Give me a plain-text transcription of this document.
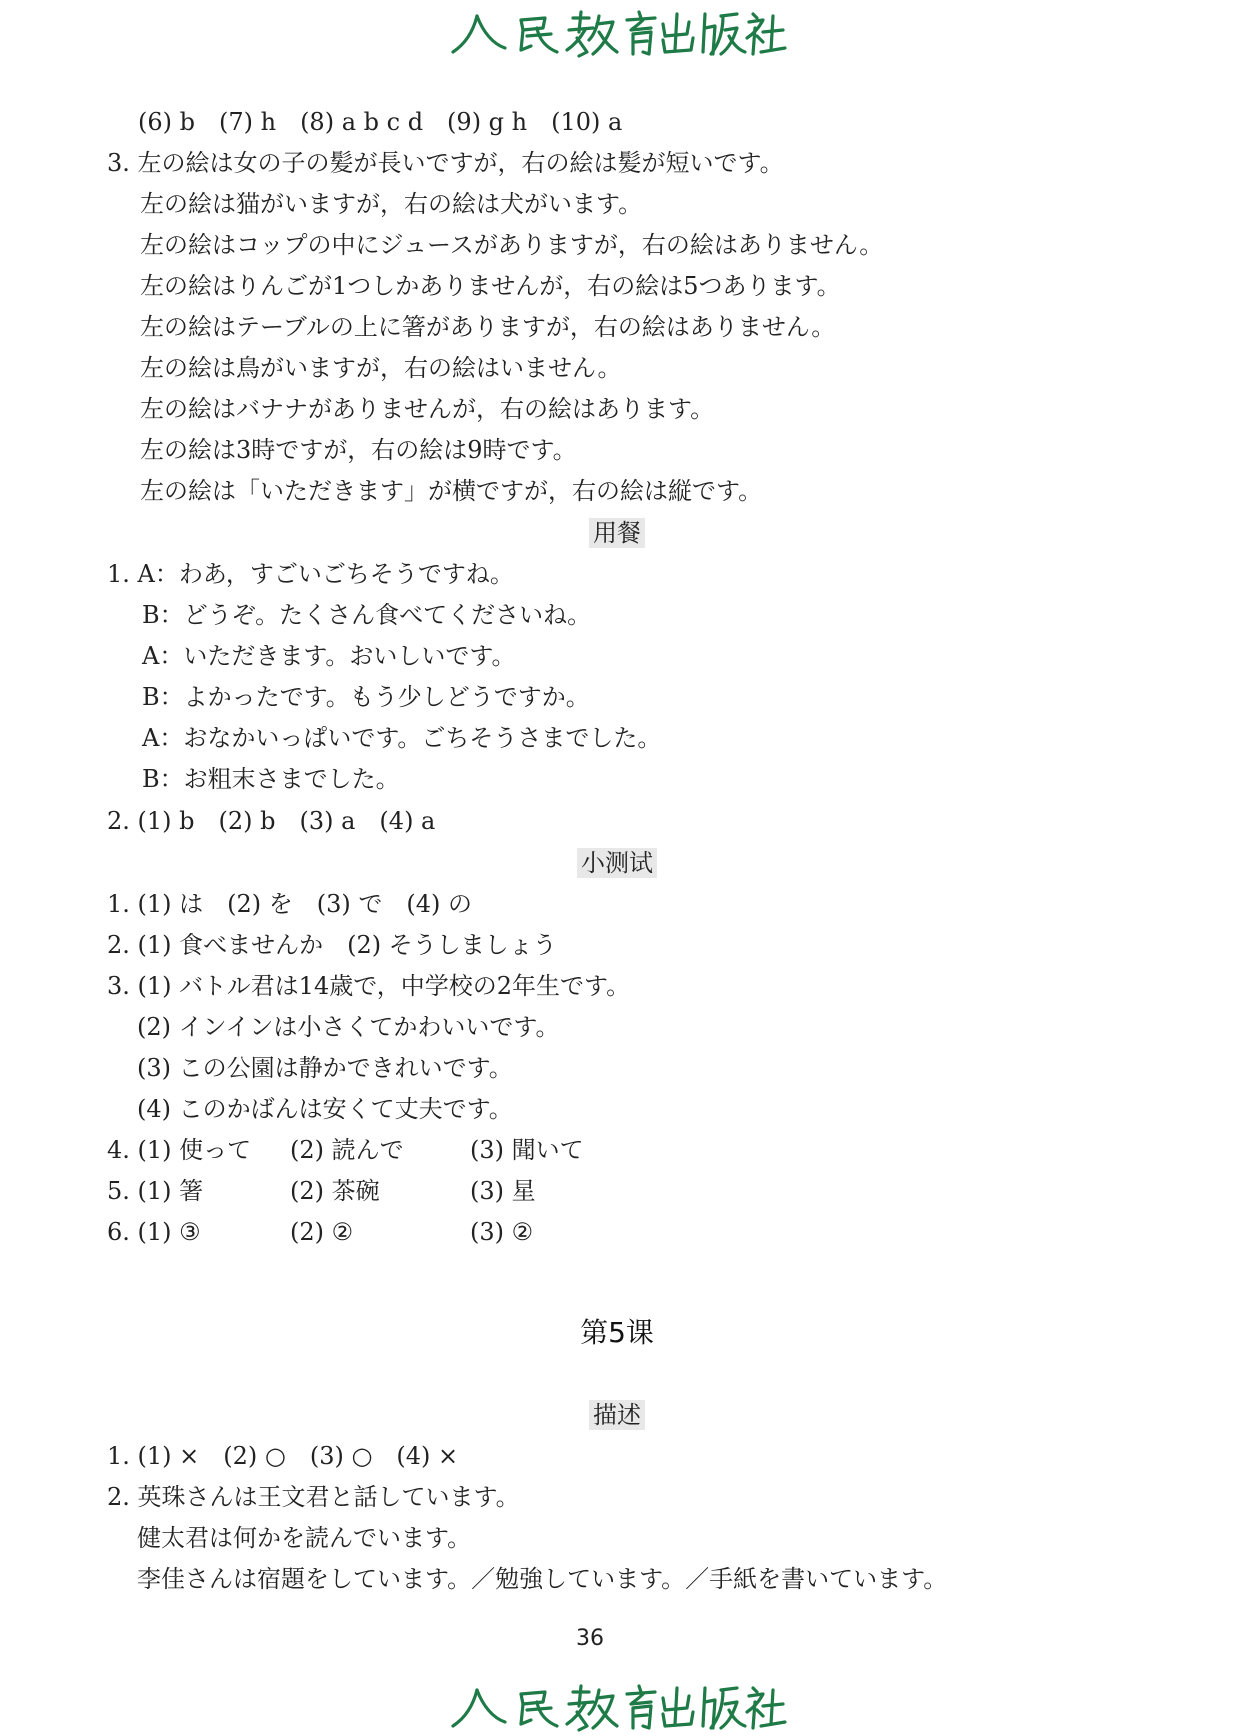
(6) b　(7) h　(8) a b c d　(9) g h　(10) a
3. 左の絵は女の子の髪が長いですが，右の絵は髪が短いです。
左の絵は猫がいますが，右の絵は犬がいます。
左の絵はコップの中にジュースがありますが，右の絵はありません。
左の絵はりんごが1つしかありませんが，右の絵は5つあります。
左の絵はテーブルの上に箸がありますが，右の絵はありません。
左の絵は鳥がいますが，右の絵はいません。
左の絵はバナナがありませんが，右の絵はあります。
左の絵は3時ですが，右の絵は9時です。
左の絵は「いただきます」が横ですが，右の絵は縦です。
用餐
1. A：わあ，すごいごちそうですね。
B：どうぞ。たくさん食べてくださいね。
A：いただきます。おいしいです。
B：よかったです。もう少しどうですか。
A：おなかいっぱいです。ごちそうさまでした。
B：お粗末さまでした。
2. (1) b　(2) b　(3) a　(4) a
小测试
1. (1) は　(2) を　(3) で　(4) の
2. (1) 食べませんか　(2) そうしましょう
3. (1) バトル君は14歳で，中学校の2年生です。
(2) インインは小さくてかわいいです。
(3) この公園は静かできれいです。
(4) このかばんは安くて丈夫です。
4. (1) 使って (2) 読んで	(3) 聞いて
5. (1) 箸	(2) 茶碗	(3) 星
6. (1) ③	(2) ②	(3) ②
第5课
描述
1. (1) ×　(2) ○　(3) ○　(4) ×
2. 英珠さんは王文君と話しています。
健太君は何かを読んでいます。
李佳さんは宿題をしています。／勉強しています。／手紙を書いています。
36
